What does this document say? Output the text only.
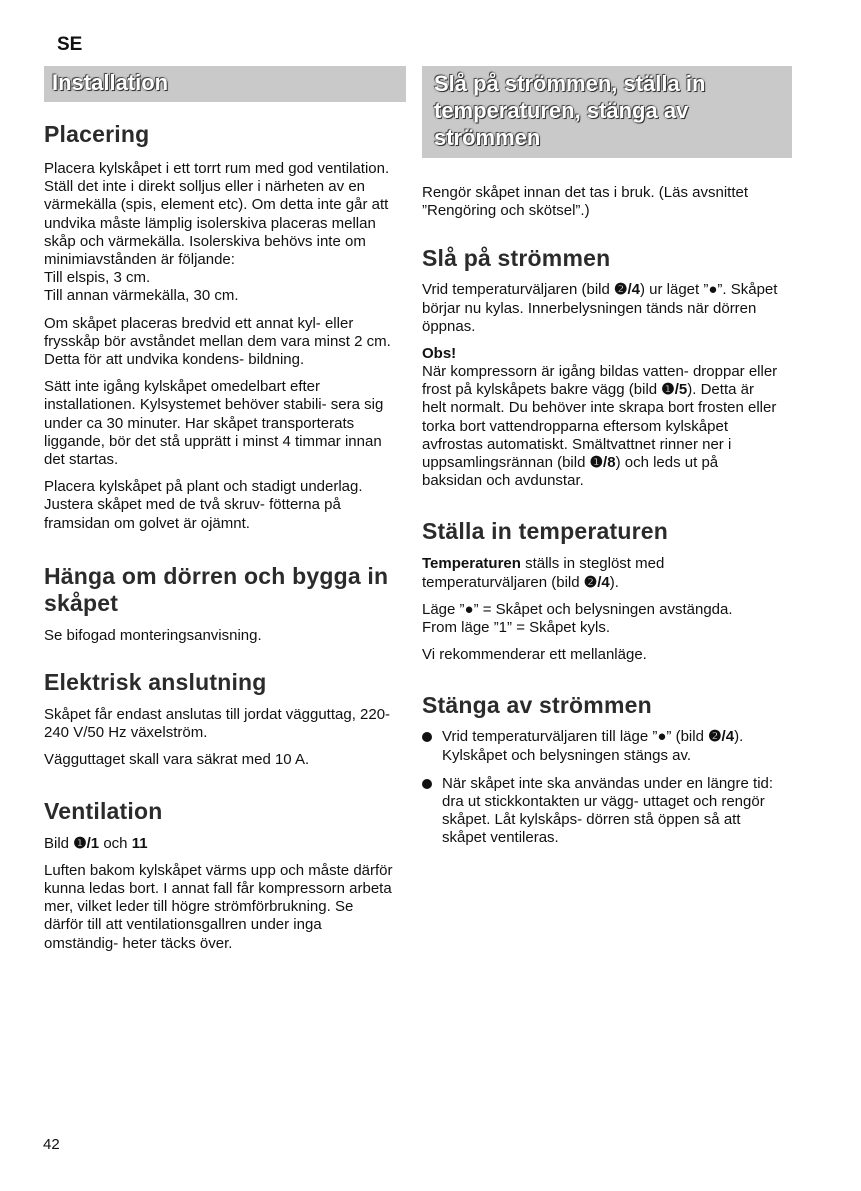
SE
Installation
Placering

Placera kylskåpet i ett torrt rum med god ventilation. Ställ det inte i direkt solljus eller i närheten av en värmekälla (spis, element etc). Om detta inte går att undvika måste lämplig isolerskiva placeras mellan skåp och värmekälla. Isolerskiva behövs inte om minimiavstånden är följande:

Till elspis, 3 cm.

Till annan värmekälla, 30 cm.

Om skåpet placeras bredvid ett annat kyl- eller frysskåp bör avståndet mellan dem vara minst 2 cm. Detta för att undvika kondens- bildning.

Sätt inte igång kylskåpet omedelbart efter installationen. Kylsystemet behöver stabili- sera sig under ca 30 minuter. Har skåpet transporterats liggande, bör det stå upprätt i minst 4 timmar innan det startas.

Placera kylskåpet på plant och stadigt underlag. Justera skåpet med de två skruv- fötterna på framsidan om golvet är ojämnt.

Hänga om dörren och bygga in skåpet

Se bifogad monteringsanvisning.

Elektrisk anslutning

Skåpet får endast anslutas till jordat vägguttag, 220-240 V/50 Hz växelström.

Vägguttaget skall vara säkrat med 10 A.

Ventilation

Bild ❶/1 och 11

Luften bakom kylskåpet värms upp och måste därför kunna ledas bort. I annat fall får kompressorn arbeta mer, vilket leder till högre strömförbrukning. Se därför till att ventilationsgallren under inga omständig- heter täcks över.

Slå på strömmen, ställa in temperaturen, stänga av strömmen

Rengör skåpet innan det tas i bruk. (Läs avsnittet ”Rengöring och skötsel”.)

Slå på strömmen

Vrid temperaturväljaren (bild ❷/4) ur läget ”●”. Skåpet börjar nu kylas. Innerbelysningen tänds när dörren öppnas.

Obs!

När kompressorn är igång bildas vatten- droppar eller frost på kylskåpets bakre vägg (bild ❶/5). Detta är helt normalt. Du behöver inte skrapa bort frosten eller torka bort vattendropparna eftersom kylskåpet avfrostas automatiskt. Smältvattnet rinner ner i uppsamlingsrännan (bild ❶/8) och leds ut på baksidan och avdunstar.

Ställa in temperaturen

Temperaturen ställs in steglöst med temperaturväljaren (bild ❷/4).

Läge ”●” = Skåpet och belysningen avstängda.

From läge ”1” = Skåpet kyls.

Vi rekommenderar ett mellanläge.

Stänga av strömmen
Vrid temperaturväljaren till läge ”●” (bild ❷/4). Kylskåpet och belysningen stängs av.
När skåpet inte ska användas under en längre tid: dra ut stickkontakten ur vägg- uttaget och rengör skåpet. Låt kylskåps- dörren stå öppen så att skåpet ventileras.
42
